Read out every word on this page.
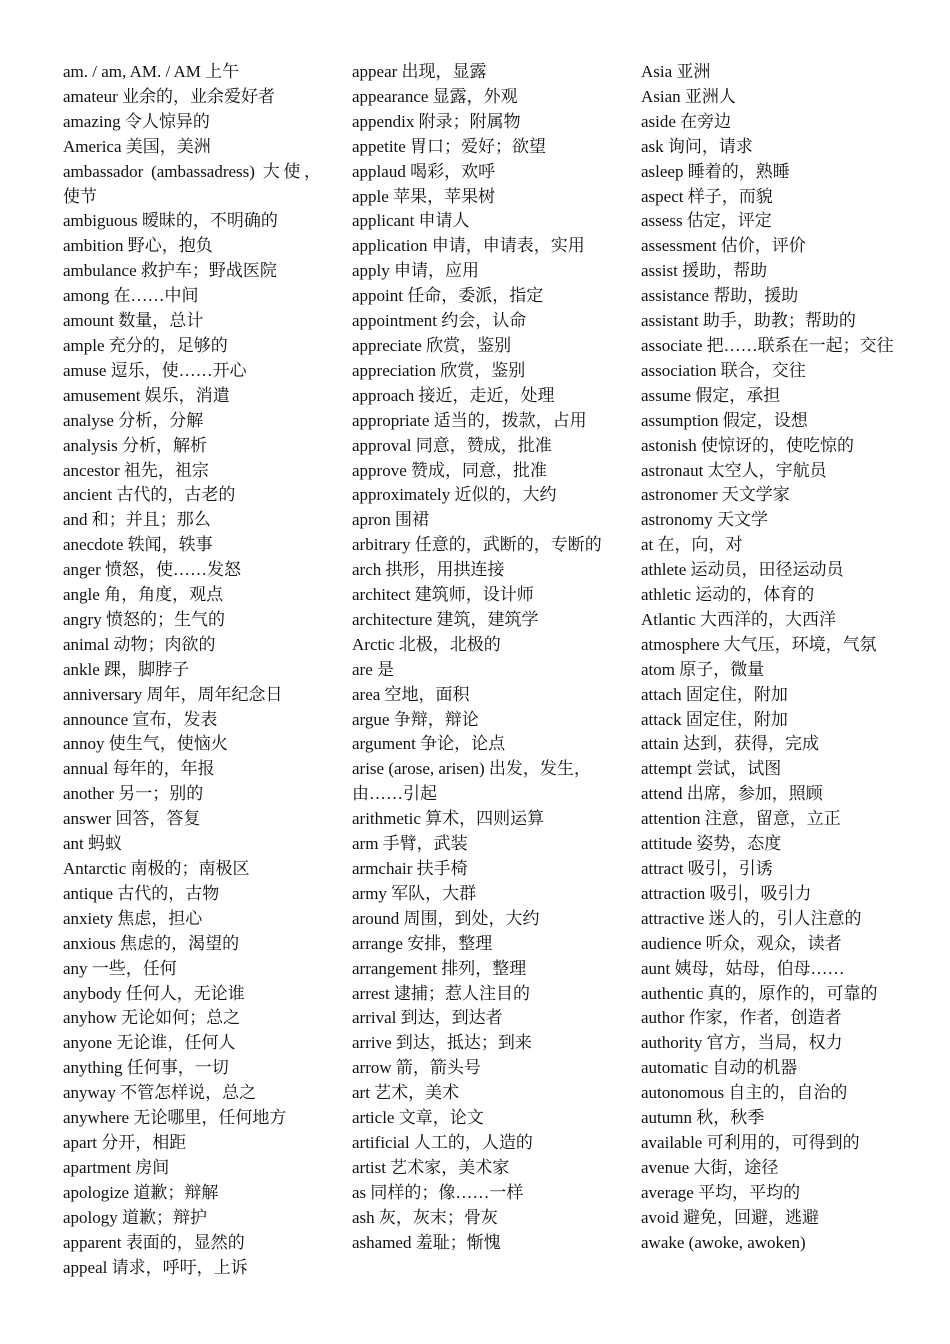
am. / am, AM. / AM 上午
amateur 业余的，业余爱好者
amazing 令人惊异的
America 美国，美洲
ambassador (ambassadress) 大使，使节
ambiguous 暧昧的，不明确的
ambition 野心，抱负
ambulance 救护车；野战医院
among 在……中间
amount 数量，总计
ample 充分的，足够的
amuse 逗乐，使……开心
amusement 娱乐，消遣
analyse 分析，分解
analysis 分析，解析
ancestor 祖先，祖宗
ancient 古代的，古老的
and 和；并且；那么
anecdote 轶闻，轶事
anger 愤怒，使……发怒
angle 角，角度，观点
angry 愤怒的；生气的
animal 动物；肉欲的
ankle 踝，脚脖子
anniversary 周年，周年纪念日
announce 宣布，发表
annoy 使生气，使恼火
annual 每年的，年报
another 另一；别的
answer 回答，答复
ant 蚂蚁
Antarctic 南极的；南极区
antique 古代的，古物
anxiety 焦虑，担心
anxious 焦虑的，渴望的
any 一些，任何
anybody 任何人，无论谁
anyhow 无论如何；总之
anyone 无论谁，任何人
anything 任何事，一切
anyway 不管怎样说，总之
anywhere 无论哪里，任何地方
apart 分开，相距
apartment 房间
apologize 道歉；辩解
apology 道歉；辩护
apparent 表面的，显然的
appeal 请求，呼吁，上诉
appear 出现，显露
appearance 显露，外观
appendix 附录；附属物
appetite 胃口；爱好；欲望
applaud 喝彩，欢呼
apple 苹果，苹果树
applicant 申请人
application 申请，申请表，实用
apply 申请，应用
appoint 任命，委派，指定
appointment 约会，认命
appreciate 欣赏，鉴别
appreciation 欣赏，鉴别
approach 接近，走近，处理
appropriate 适当的，拨款，占用
approval 同意，赞成，批准
approve 赞成，同意，批准
approximately 近似的，大约
apron 围裙
arbitrary 任意的，武断的，专断的
arch 拱形，用拱连接
architect 建筑师，设计师
architecture 建筑，建筑学
Arctic 北极，北极的
are 是
area 空地，面积
argue 争辩，辩论
argument 争论，论点
arise (arose, arisen) 出发，发生，由……引起
arithmetic 算术，四则运算
arm 手臂，武装
armchair 扶手椅
army 军队，大群
around 周围，到处，大约
arrange 安排，整理
arrangement 排列，整理
arrest 逮捕；惹人注目的
arrival 到达，到达者
arrive 到达，抵达；到来
arrow 箭，箭头号
art 艺术，美术
article 文章，论文
artificial 人工的，人造的
artist 艺术家，美术家
as 同样的；像……一样
ash 灰，灰末；骨灰
ashamed 羞耻；惭愧
Asia 亚洲
Asian 亚洲人
aside 在旁边
ask 询问，请求
asleep 睡着的，熟睡
aspect 样子，而貌
assess 估定，评定
assessment 估价，评价
assist 援助，帮助
assistance 帮助，援助
assistant 助手，助教；帮助的
associate 把……联系在一起；交往
association 联合，交往
assume 假定，承担
assumption 假定，设想
astonish 使惊讶的，使吃惊的
astronaut 太空人，宇航员
astronomer 天文学家
astronomy 天文学
at 在，向，对
athlete 运动员，田径运动员
athletic 运动的，体育的
Atlantic 大西洋的，大西洋
atmosphere 大气压，环境，气氛
atom 原子，微量
attach 固定住，附加
attack 固定住，附加
attain 达到，获得，完成
attempt 尝试，试图
attend 出席，参加，照顾
attention 注意，留意，立正
attitude 姿势，态度
attract 吸引，引诱
attraction 吸引，吸引力
attractive 迷人的，引人注意的
audience 听众，观众，读者
aunt 姨母，姑母，伯母……
authentic 真的，原作的，可靠的
author 作家，作者，创造者
authority 官方，当局，权力
automatic 自动的机器
autonomous 自主的，自治的
autumn 秋，秋季
available 可利用的，可得到的
avenue 大街，途径
average 平均，平均的
avoid 避免，回避，逃避
awake (awoke, awoken)
